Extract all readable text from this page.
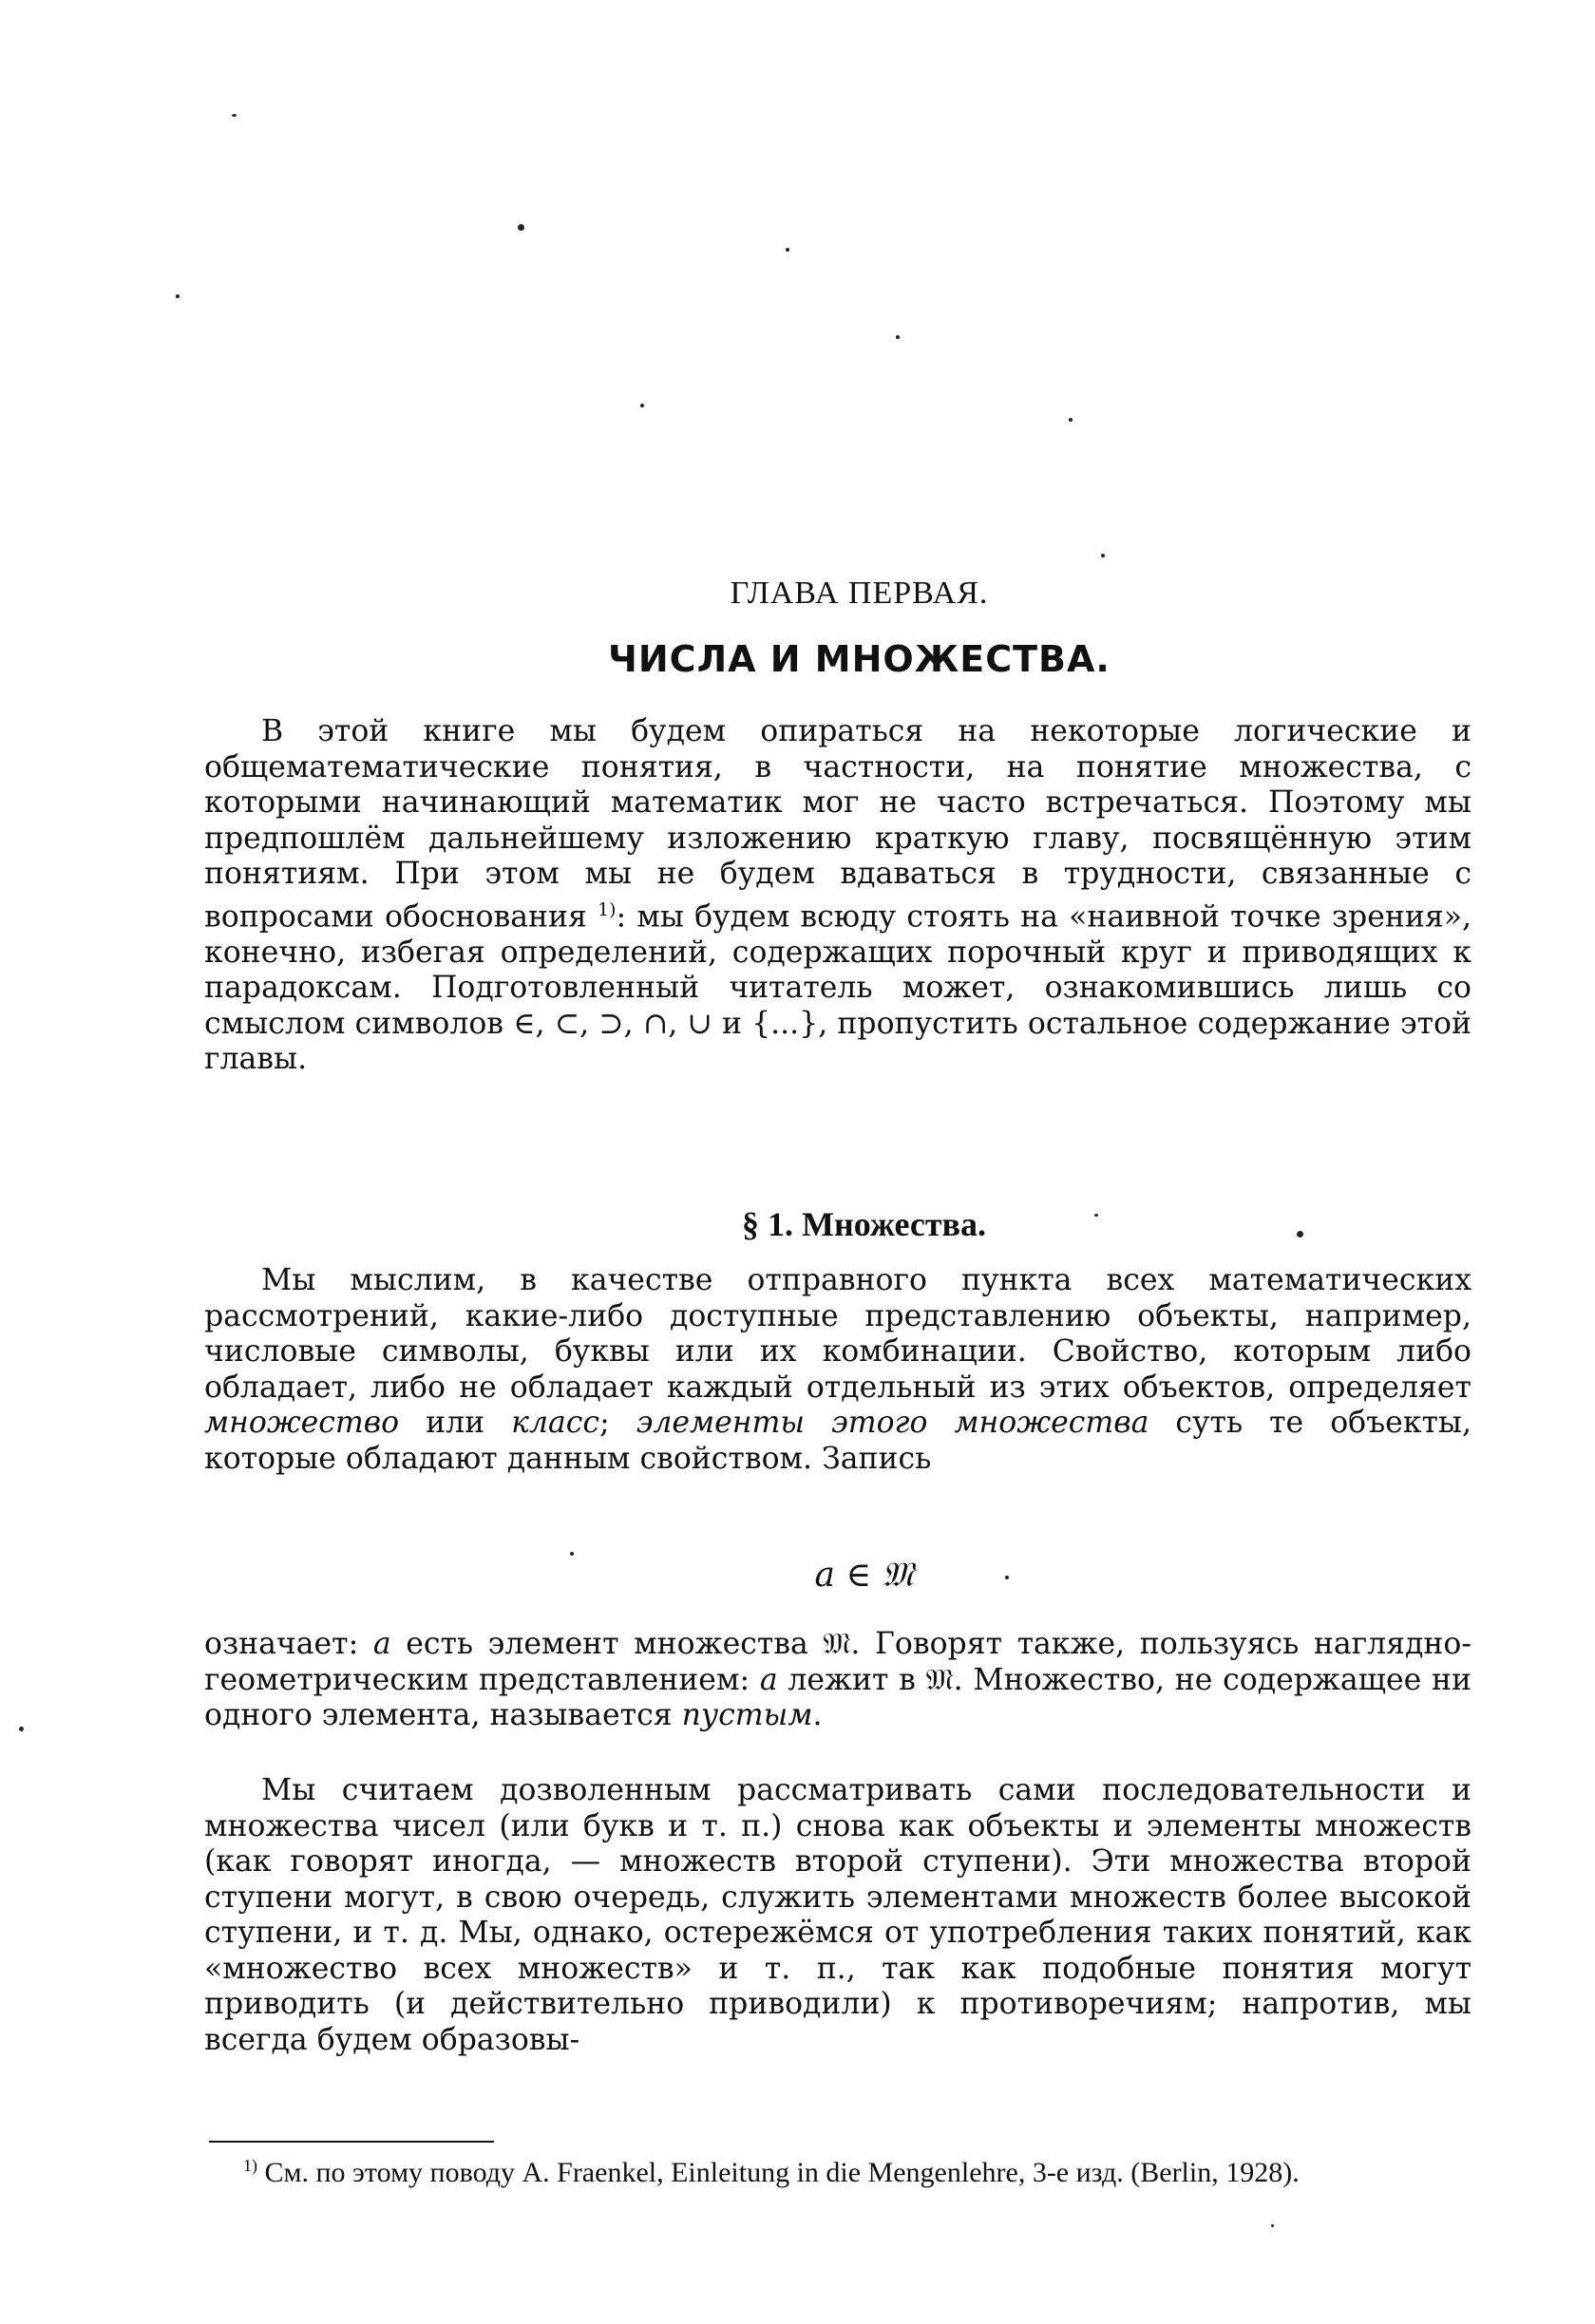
ГЛАВА ПЕРВАЯ.
ЧИСЛА И МНОЖЕСТВА.

В этой книге мы будем опираться на некоторые логические и общематематические понятия, в частности, на понятие множества, с которыми начинающий математик мог не часто встречаться. Поэтому мы предпошлём дальнейшему изложению краткую главу, посвящённую этим понятиям. При этом мы не будем вдаваться в трудности, связанные с вопросами обоснования $^{1)}$: мы будем всюду стоять на «наивной точке зрения», конечно, избегая определений, содержащих порочный круг и приводящих к парадоксам. Подготовленный читатель может, ознакомившись лишь со смыслом символов ∈, ⊂, ⊃, ∩, ∪ и {...}, пропустить остальное содержание этой главы.

§ 1. Множества.

Мы мыслим, в качестве отправного пункта всех математических рассмотрений, какие-либо доступные представлению объекты, например, числовые символы, буквы или их комбинации. Свойство, которым либо обладает, либо не обладает каждый отдельный из этих объектов, определяет множество или класс; элементы этого множества суть те объекты, которые обладают данным свойством. Запись

a ∈ 𝔐

означает: a есть элемент множества 𝔐. Говорят также, пользуясь наглядно-геометрическим представлением: a лежит в 𝔐. Множество, не содержащее ни одного элемента, называется пустым.

Мы считаем дозволенным рассматривать сами последовательности и множества чисел (или букв и т. п.) снова как объекты и элементы множеств (как говорят иногда, — множеств второй ступени). Эти множества второй ступени могут, в свою очередь, служить элементами множеств более высокой ступени, и т. д. Мы, однако, остережёмся от употребления таких понятий, как «множество всех множеств» и т. п., так как подобные понятия могут приводить (и действительно приводили) к противоречиям; напротив, мы всегда будем образовы-

$^{1)}$ См. по этому поводу A. Fraenkel, Einleitung in die Mengenlehre, 3-е изд. (Berlin, 1928).
